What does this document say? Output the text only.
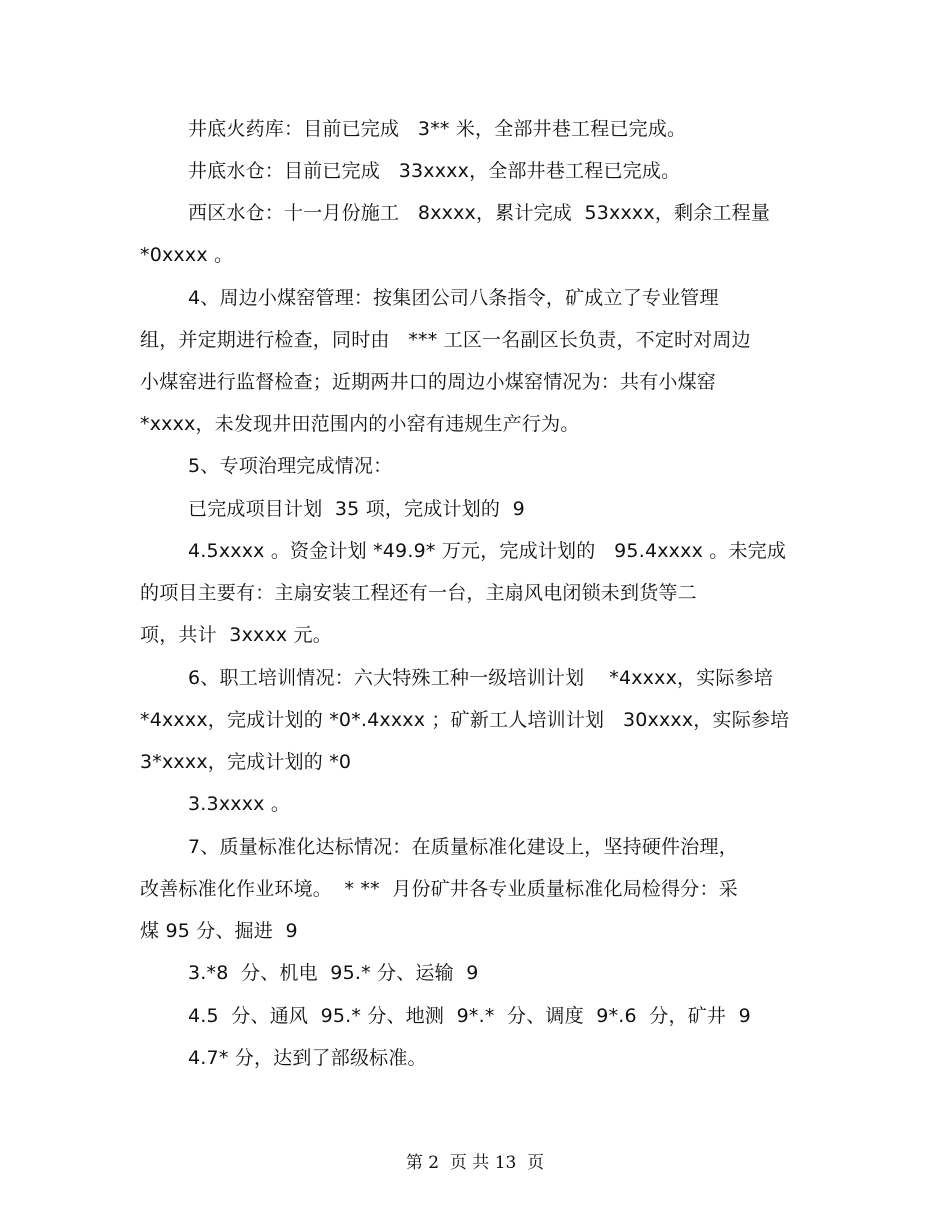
井底火药库：目前已完成   3** 米，全部井巷工程已完成。
井底水仓：目前已完成   33xxxx，全部井巷工程已完成。
西区水仓：十一月份施工   8xxxx，累计完成  53xxxx，剩余工程量
*0xxxx 。
4、周边小煤窑管理：按集团公司八条指令，矿成立了专业管理
组，并定期进行检查，同时由   *** 工区一名副区长负责，不定时对周边
小煤窑进行监督检查；近期两井口的周边小煤窑情况为：共有小煤窑
*xxxx，未发现井田范围内的小窑有违规生产行为。
5、专项治理完成情况：
已完成项目计划  35 项，完成计划的  9
4.5xxxx 。资金计划 *49.9* 万元，完成计划的   95.4xxxx 。未完成
的项目主要有：主扇安装工程还有一台，主扇风电闭锁未到货等二
项，共计  3xxxx 元。
6、职工培训情况：六大特殊工种一级培训计划    *4xxxx，实际参培
*4xxxx，完成计划的 *0*.4xxxx ；矿新工人培训计划   30xxxx，实际参培
3*xxxx，完成计划的 *0
3.3xxxx 。
7、质量标准化达标情况：在质量标准化建设上，坚持硬件治理，
改善标准化作业环境。  * **  月份矿井各专业质量标准化局检得分：采
煤 95 分、掘进  9
3.*8  分、机电  95.* 分、运输  9
4.5  分、通风  95.* 分、地测  9*.*  分、调度  9*.6  分，矿井  9
4.7* 分，达到了部级标准。
第 2  页 共 13  页
